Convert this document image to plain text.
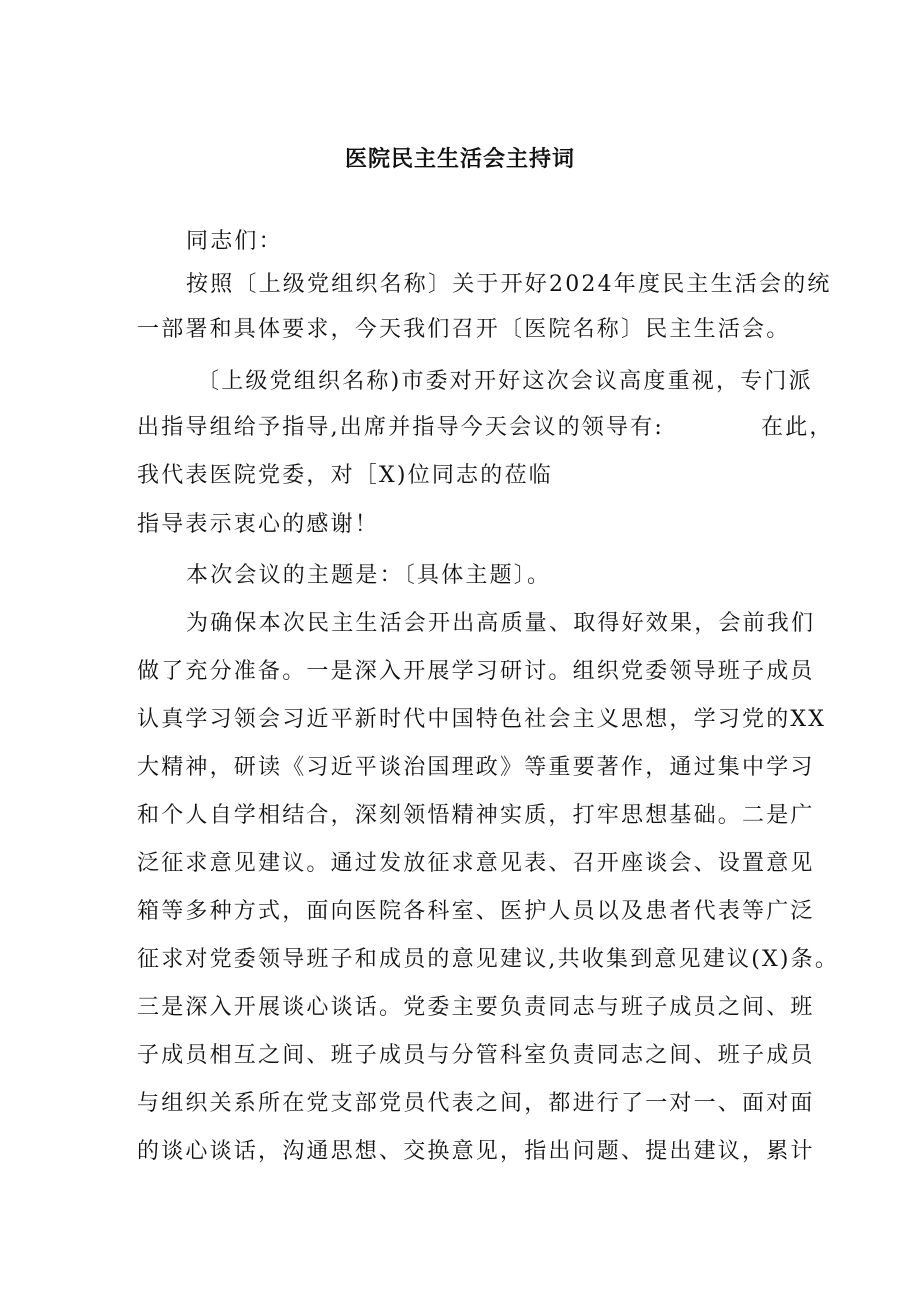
医院民主生活会主持词
同志们：
按照〔上级党组织名称〕关于开好2024年度民主生活会的统
一部署和具体要求，今天我们召开〔医院名称〕民主生活会。
〔上级党组织名称)市委对开好这次会议高度重视，专门派
出指导组给予指导,出席并指导今天会议的领导有:	在此，
我代表医院党委，对［X)位同志的莅临
指导表示衷心的感谢！
本次会议的主题是：〔具体主题〕。
为确保本次民主生活会开出高质量、取得好效果，会前我们
做了充分准备。一是深入开展学习研讨。组织党委领导班子成员
认真学习领会习近平新时代中国特色社会主义思想，学习党的XX
大精神，研读《习近平谈治国理政》等重要著作，通过集中学习
和个人自学相结合，深刻领悟精神实质，打牢思想基础。二是广
泛征求意见建议。通过发放征求意见表、召开座谈会、设置意见
箱等多种方式，面向医院各科室、医护人员以及患者代表等广泛
征求对党委领导班子和成员的意见建议,共收集到意见建议(X)条。
三是深入开展谈心谈话。党委主要负责同志与班子成员之间、班
子成员相互之间、班子成员与分管科室负责同志之间、班子成员
与组织关系所在党支部党员代表之间，都进行了一对一、面对面
的谈心谈话，沟通思想、交换意见，指出问题、提出建议，累计
